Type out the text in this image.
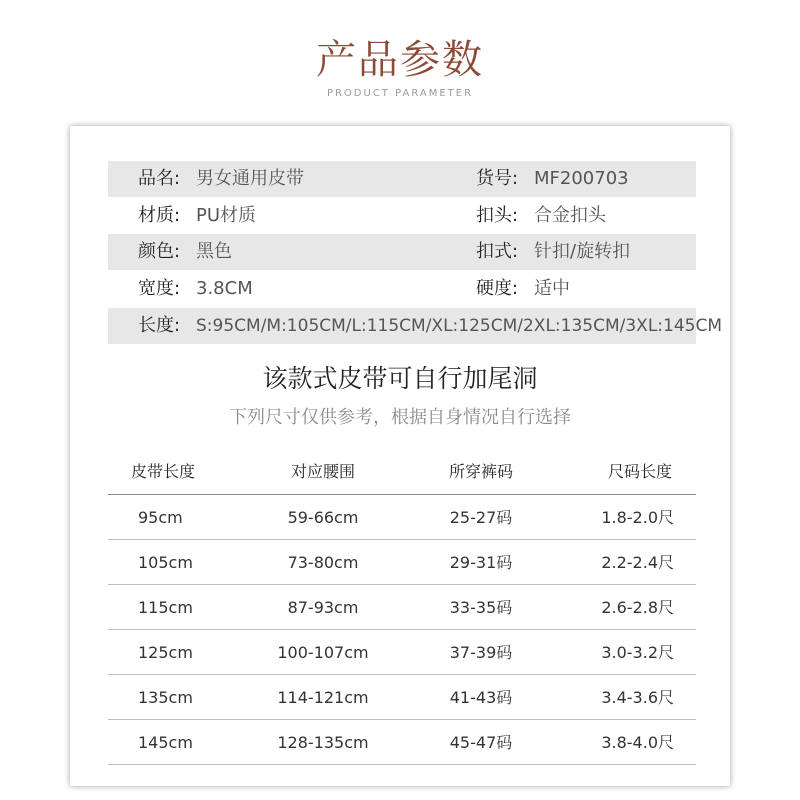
产品参数
PRODUCT PARAMETER
品名: 男女通用皮带	货号: MF200703
材质: PU材质	扣头: 合金扣头
颜色: 黑色	扣式: 针扣/旋转扣
宽度: 3.8CM	硬度: 适中
长度: S:95CM/M:105CM/L:115CM/XL:125CM/2XL:135CM/3XL:145CM
该款式皮带可自行加尾洞
下列尺寸仅供参考，根据自身情况自行选择
皮带长度	对应腰围	所穿裤码	尺码长度
95cm	59-66cm	25-27码	1.8-2.0尺
105cm	73-80cm	29-31码	2.2-2.4尺
115cm	87-93cm	33-35码	2.6-2.8尺
125cm	100-107cm	37-39码	3.0-3.2尺
135cm	114-121cm	41-43码	3.4-3.6尺
145cm	128-135cm	45-47码	3.8-4.0尺
